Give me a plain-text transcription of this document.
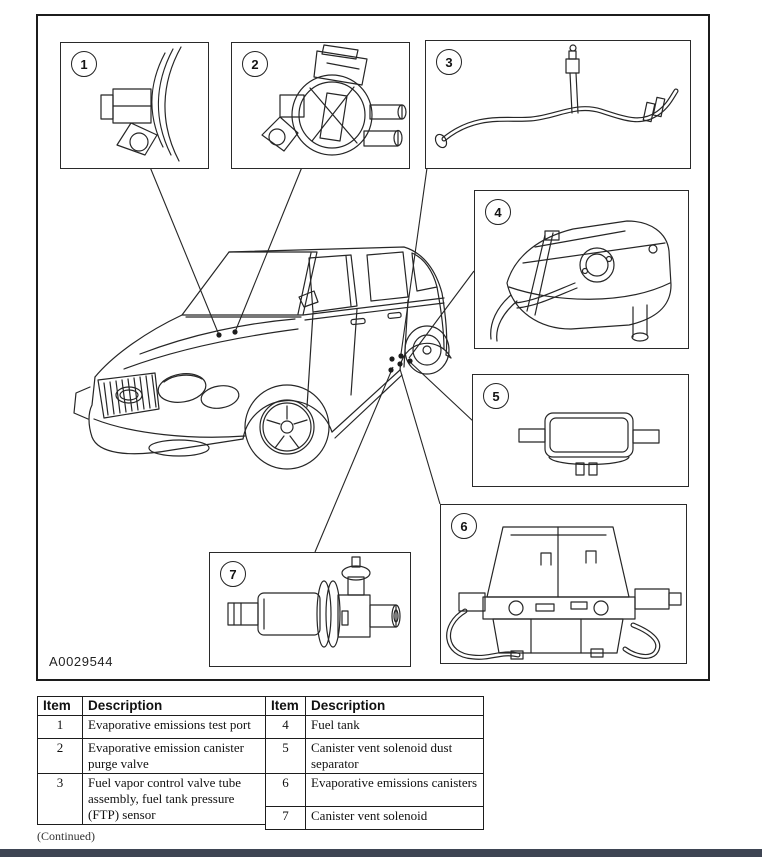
1	2	3
4
5
6
7
A0029544
Item	Description
1	Evaporative emissions test port
2	Evaporative emission canister purge valve
3	Fuel vapor control valve tube assembly, fuel tank pressure (FTP) sensor
Item	Description
4	Fuel tank
5	Canister vent solenoid dust separator
6	Evaporative emissions canisters
7	Canister vent solenoid
(Continued)
